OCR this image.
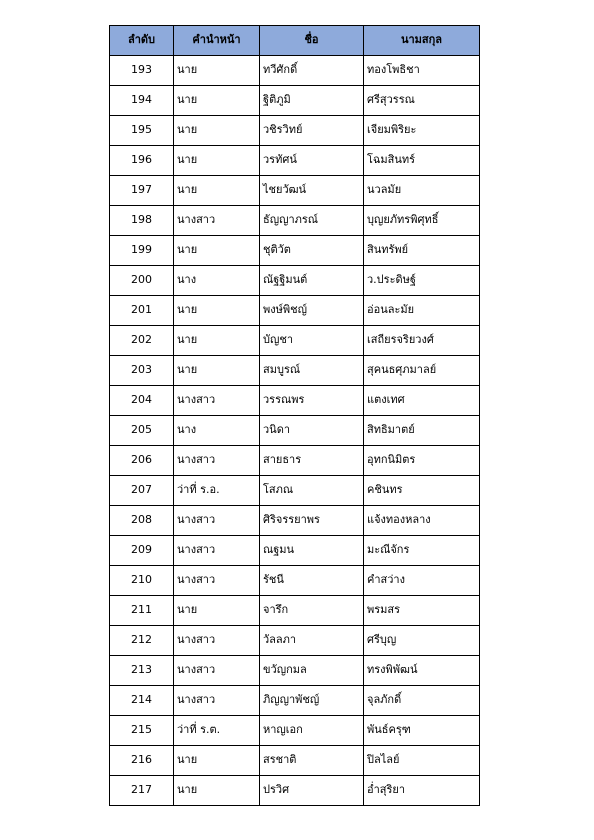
ลำดับ	คำนำหน้า	ชื่อ	นามสกุล
193	นาย	ทวีศักดิ์	ทองโพธิชา
194	นาย	ฐิติภูมิ	ศรีสุวรรณ
195	นาย	วชิรวิทย์	เจียมพิริยะ
196	นาย	วรทัศน์	โฉมสินทร์
197	นาย	ไชยวัฒน์	นวลมัย
198	นางสาว	ธัญญาภรณ์	บุญยภัทรพิศุทธิ์
199	นาย	ชุติวัต	สินทรัพย์
200	นาง	ณัฐฐิมนต์	ว.ประดิษฐ์
201	นาย	พงษ์พิชญ์	อ่อนละมัย
202	นาย	บัญชา	เสถียรจริยวงศ์
203	นาย	สมบูรณ์	สุคนธศุภมาลย์
204	นางสาว	วรรณพร	แตงเทศ
205	นาง	วนิดา	สิทธิมาตย์
206	นางสาว	สายธาร	อุทกนิมิตร
207	ว่าที่ ร.อ.	โสภณ	คชินทร
208	นางสาว	ศิริจรรยาพร	แจ้งทองหลาง
209	นางสาว	ณฐมน	มะณีจักร
210	นางสาว	รัชนี	คำสว่าง
211	นาย	จารึก	พรมสร
212	นางสาว	วัลลภา	ศรีบุญ
213	นางสาว	ขวัญกมล	ทรงพิพัฒน์
214	นางสาว	ภิญญาพัชญ์	จุลภักดิ์
215	ว่าที่ ร.ต.	หาญเอก	พันธ์ครุฑ
216	นาย	สรชาติ	ปิลไลย์
217	นาย	ปรวิศ	อ่ำสุริยา
